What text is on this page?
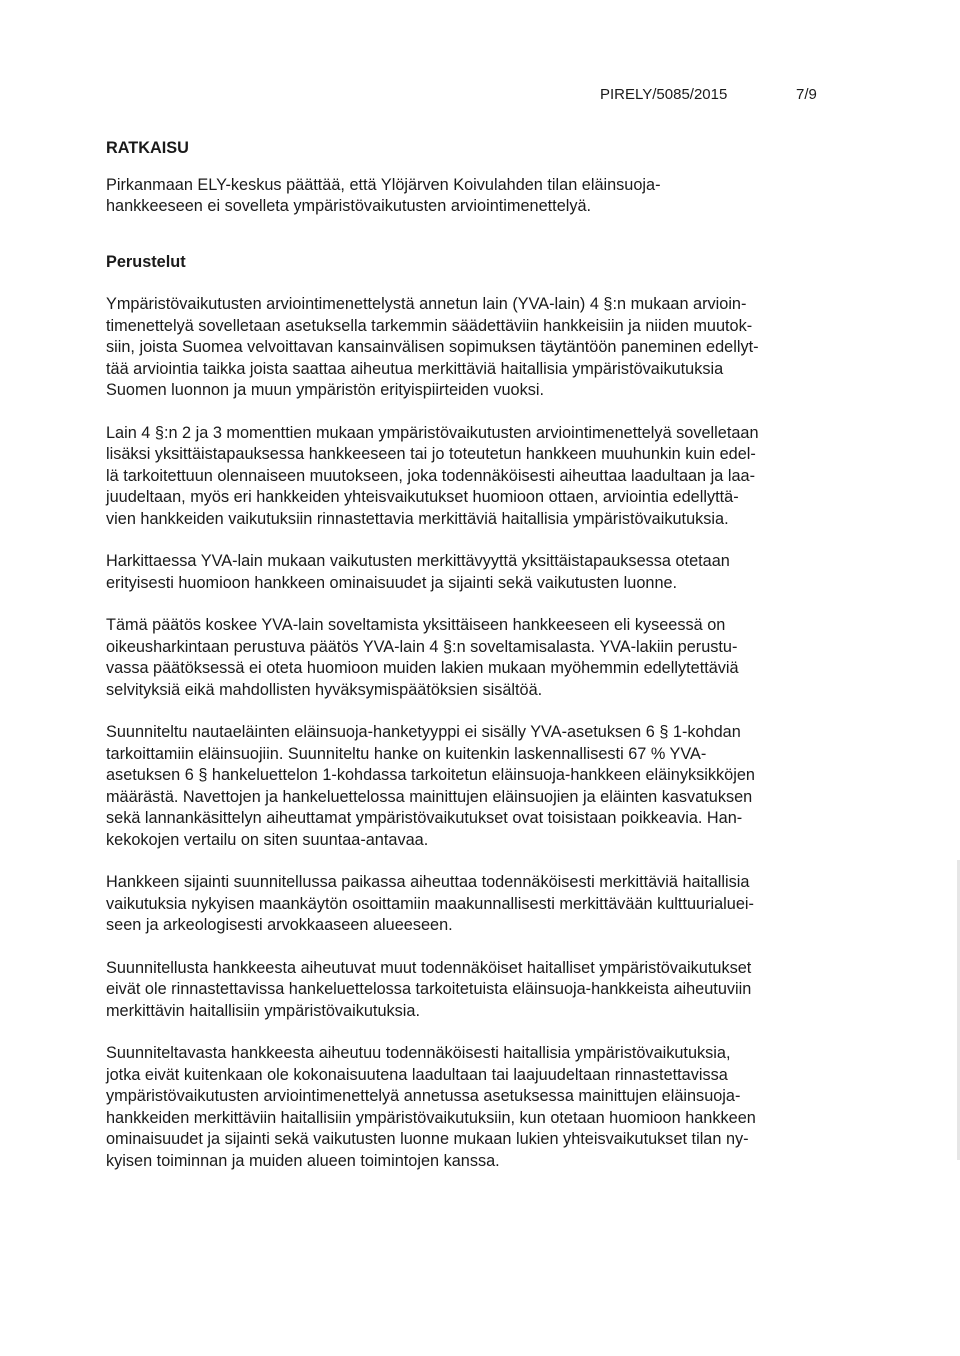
PIRELY/5085/2015	7/9
RATKAISU
Pirkanmaan ELY-keskus päättää, että Ylöjärven Koivulahden tilan eläinsuoja-
hankkeeseen ei sovelleta ympäristövaikutusten arviointimenettelyä.
Perustelut
Ympäristövaikutusten arviointimenettelystä annetun lain (YVA-lain) 4 §:n mukaan arvioin-
timenettelyä sovelletaan asetuksella tarkemmin säädettäviin hankkeisiin ja niiden muutok-
siin, joista Suomea velvoittavan kansainvälisen sopimuksen täytäntöön paneminen edellyt-
tää arviointia taikka joista saattaa aiheutua merkittäviä haitallisia ympäristövaikutuksia
Suomen luonnon ja muun ympäristön erityispiirteiden vuoksi.
Lain 4 §:n 2 ja 3 momenttien mukaan ympäristövaikutusten arviointimenettelyä sovelletaan
lisäksi yksittäistapauksessa hankkeeseen tai jo toteutetun hankkeen muuhunkin kuin edel-
lä tarkoitettuun olennaiseen muutokseen, joka todennäköisesti aiheuttaa laadultaan ja laa-
juudeltaan, myös eri hankkeiden yhteisvaikutukset huomioon ottaen, arviointia edellyttä-
vien hankkeiden vaikutuksiin rinnastettavia merkittäviä haitallisia ympäristövaikutuksia.
Harkittaessa YVA-lain mukaan vaikutusten merkittävyyttä yksittäistapauksessa otetaan
erityisesti huomioon hankkeen ominaisuudet ja sijainti sekä vaikutusten luonne.
Tämä päätös koskee YVA-lain soveltamista yksittäiseen hankkeeseen eli kyseessä on
oikeusharkintaan perustuva päätös YVA-lain 4 §:n soveltamisalasta. YVA-lakiin perustu-
vassa päätöksessä ei oteta huomioon muiden lakien mukaan myöhemmin edellytettäviä
selvityksiä eikä mahdollisten hyväksymispäätöksien sisältöä.
Suunniteltu nautaeläinten eläinsuoja-hanketyyppi ei sisälly YVA-asetuksen 6 § 1-kohdan
tarkoittamiin eläinsuojiin. Suunniteltu hanke on kuitenkin laskennallisesti 67 % YVA-
asetuksen 6 § hankeluettelon 1-kohdassa tarkoitetun eläinsuoja-hankkeen eläinyksikköjen
määrästä. Navettojen ja hankeluettelossa mainittujen eläinsuojien ja eläinten kasvatuksen
sekä lannankäsittelyn aiheuttamat ympäristövaikutukset ovat toisistaan poikkeavia. Han-
kekokojen vertailu on siten suuntaa-antavaa.
Hankkeen sijainti suunnitellussa paikassa aiheuttaa todennäköisesti merkittäviä haitallisia
vaikutuksia nykyisen maankäytön osoittamiin maakunnallisesti merkittävään kulttuurialuei-
seen ja arkeologisesti arvokkaaseen alueeseen.
Suunnitellusta hankkeesta aiheutuvat muut todennäköiset haitalliset ympäristövaikutukset
eivät ole rinnastettavissa hankeluettelossa tarkoitetuista eläinsuoja-hankkeista aiheutuviin
merkittävin haitallisiin ympäristövaikutuksia.
Suunniteltavasta hankkeesta aiheutuu todennäköisesti haitallisia ympäristövaikutuksia,
jotka eivät kuitenkaan ole kokonaisuutena laadultaan tai laajuudeltaan rinnastettavissa
ympäristövaikutusten arviointimenettelyä annetussa asetuksessa mainittujen eläinsuoja-
hankkeiden merkittäviin haitallisiin ympäristövaikutuksiin, kun otetaan huomioon hankkeen
ominaisuudet ja sijainti sekä vaikutusten luonne mukaan lukien yhteisvaikutukset tilan ny-
kyisen toiminnan ja muiden alueen toimintojen kanssa.
